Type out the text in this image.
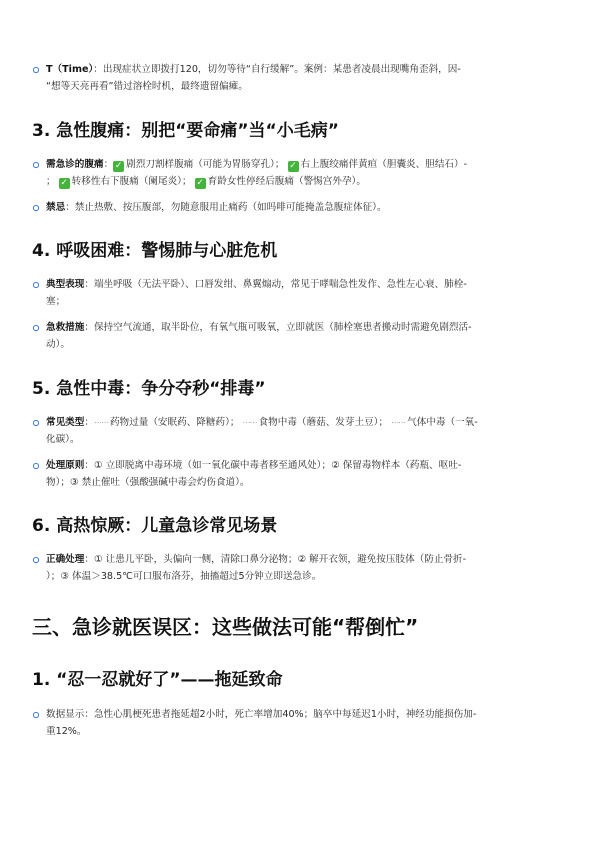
T（Time）：出现症状立即拨打120，切勿等待“自行缓解”。案例：某患者凌晨出现嘴角歪斜，因-
“想等天亮再看”错过溶栓时机，最终遗留偏瘫。
3. 急性腹痛：别把“要命痛”当“小毛病”
需急诊的腹痛： ✓ 剧烈刀割样腹痛（可能为胃肠穿孔）； ✓ 右上腹绞痛伴黄疸（胆囊炎、胆结石）-
； ✓ 转移性右下腹痛（阑尾炎）； ✓ 育龄女性停经后腹痛（警惕宫外孕）。
禁忌：禁止热敷、按压腹部，勿随意服用止痛药（如吗啡可能掩盖急腹症体征）。
4. 呼吸困难：警惕肺与心脏危机
典型表现：端坐呼吸（无法平卧）、口唇发绀、鼻翼煽动，常见于哮喘急性发作、急性左心衰、肺栓-
塞；
急救措施：保持空气流通，取半卧位，有氧气瓶可吸氧，立即就医（肺栓塞患者搬动时需避免剧烈活-
动）。
5. 急性中毒：争分夺秒“排毒”
常见类型：⋯⋯ 药物过量（安眠药、降糖药）； ⋯⋯ 食物中毒（蘑菇、发芽土豆）； ⋯⋯ 气体中毒（一氧-
化碳）。
处理原则：① 立即脱离中毒环境（如一氧化碳中毒者移至通风处）；② 保留毒物样本（药瓶、呕吐-
物）；③ 禁止催吐（强酸强碱中毒会灼伤食道）。
6. 高热惊厥：儿童急诊常见场景
正确处理：① 让患儿平卧，头偏向一侧，清除口鼻分泌物；② 解开衣领，避免按压肢体（防止骨折-
）；③ 体温＞38.5℃可口服布洛芬，抽搐超过5分钟立即送急诊。
三、急诊就医误区：这些做法可能“帮倒忙”
1. “忍一忍就好了”——拖延致命
数据显示：急性心肌梗死患者拖延超2小时，死亡率增加40%；脑卒中每延迟1小时，神经功能损伤加-
重12%。
